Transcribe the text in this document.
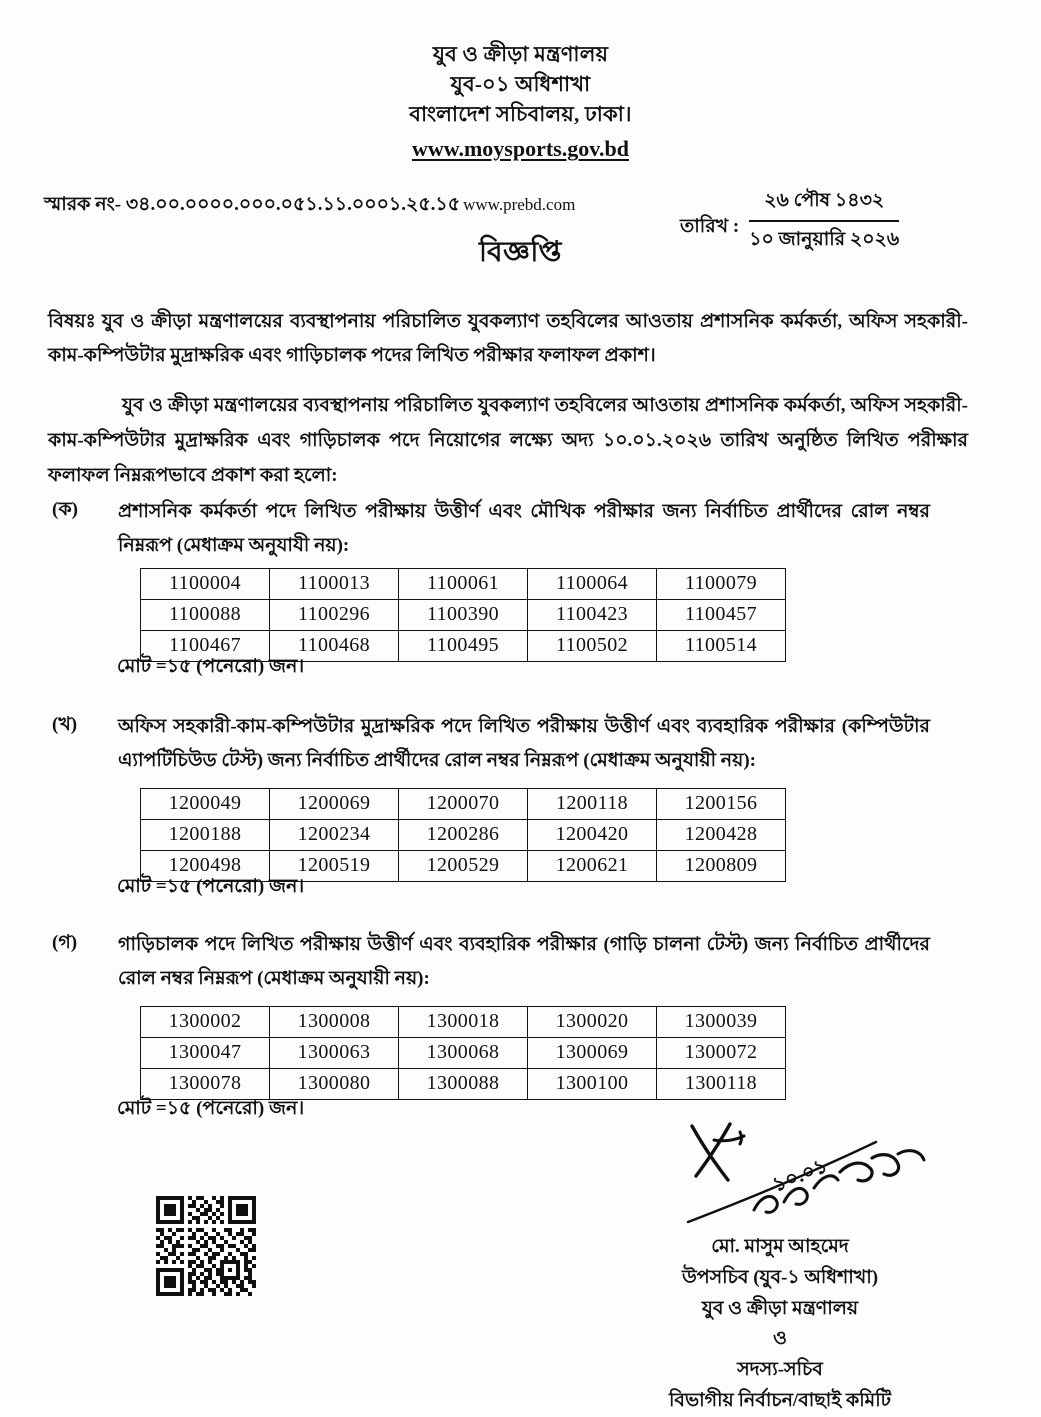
যুব ও ক্রীড়া মন্ত্রণালয়
যুব-০১ অধিশাখা
বাংলাদেশ সচিবালয়, ঢাকা।
www.moysports.gov.bd
স্মারক নং- ৩৪.০০.০০০০.০০০.০৫১.১১.০০০১.২৫.১৫ www.prebd.com
তারিখ :
২৬ পৌষ ১৪৩২
১০ জানুয়ারি ২০২৬
বিজ্ঞপ্তি
বিষয়ঃ যুব ও ক্রীড়া মন্ত্রণালয়ের ব্যবস্থাপনায় পরিচালিত যুবকল্যাণ তহবিলের আওতায় প্রশাসনিক কর্মকর্তা, অফিস সহকারী-কাম-কম্পিউটার মুদ্রাক্ষরিক এবং গাড়িচালক পদের লিখিত পরীক্ষার ফলাফল প্রকাশ।
যুব ও ক্রীড়া মন্ত্রণালয়ের ব্যবস্থাপনায় পরিচালিত যুবকল্যাণ তহবিলের আওতায় প্রশাসনিক কর্মকর্তা, অফিস সহকারী-কাম-কম্পিউটার মুদ্রাক্ষরিক এবং গাড়িচালক পদে নিয়োগের লক্ষ্যে অদ্য ১০.০১.২০২৬ তারিখ অনুষ্ঠিত লিখিত পরীক্ষার ফলাফল নিম্নরূপভাবে প্রকাশ করা হলো:
(ক)	প্রশাসনিক কর্মকর্তা পদে লিখিত পরীক্ষায় উত্তীর্ণ এবং মৌখিক পরীক্ষার জন্য নির্বাচিত প্রার্থীদের রোল নম্বর নিম্নরূপ (মেধাক্রম অনুযাযী নয়):
1100004	1100013	1100061	1100064	1100079
1100088	1100296	1100390	1100423	1100457
1100467	1100468	1100495	1100502	1100514
মোট =১৫ (পনেরো) জন।
(খ)	অফিস সহকারী-কাম-কম্পিউটার মুদ্রাক্ষরিক পদে লিখিত পরীক্ষায় উত্তীর্ণ এবং ব্যবহারিক পরীক্ষার (কম্পিউটার এ্যাপটিচিউড টেস্ট) জন্য নির্বাচিত প্রার্থীদের রোল নম্বর নিম্নরূপ (মেধাক্রম অনুযায়ী নয়):
1200049	1200069	1200070	1200118	1200156
1200188	1200234	1200286	1200420	1200428
1200498	1200519	1200529	1200621	1200809
মোট =১৫ (পনেরো) জন।
(গ)	গাড়িচালক পদে লিখিত পরীক্ষায় উত্তীর্ণ এবং ব্যবহারিক পরীক্ষার (গাড়ি চালনা টেস্ট) জন্য নির্বাচিত প্রার্থীদের রোল নম্বর নিম্নরূপ (মেধাক্রম অনুযায়ী নয়):
1300002	1300008	1300018	1300020	1300039
1300047	1300063	1300068	1300069	1300072
1300078	1300080	1300088	1300100	1300118
মোট =১৫ (পনেরো) জন।
১০.০১
মো. মাসুম আহমেদ
উপসচিব (যুব-১ অধিশাখা)
যুব ও ক্রীড়া মন্ত্রণালয়
ও
সদস্য-সচিব
বিভাগীয় নির্বাচন/বাছাই কমিটি
